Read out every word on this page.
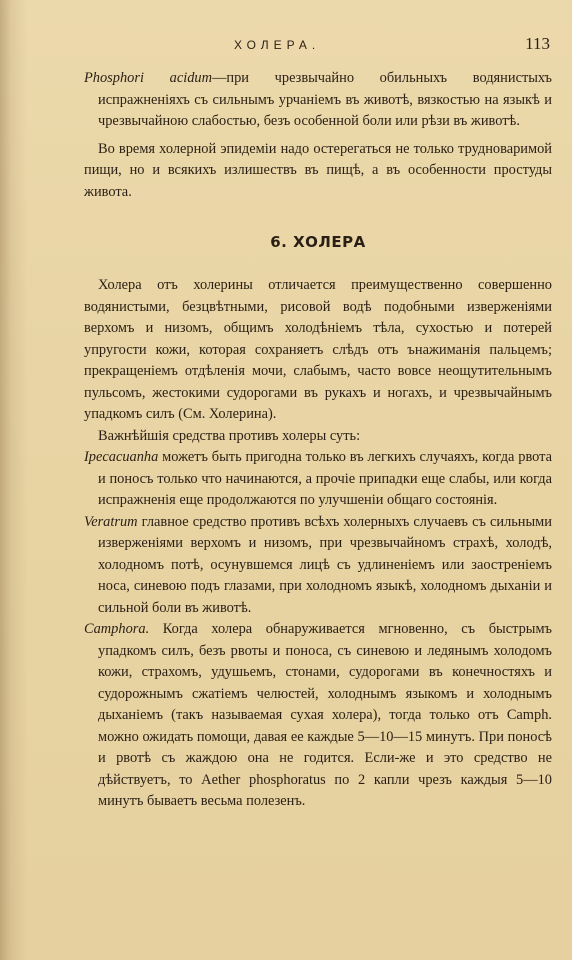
ХОЛЕРА.	113

Phosphori acidum—при чрезвычайно обильныхъ водянистыхъ испражненіяхъ съ сильнымъ урчаніемъ въ животѣ, вязкостью на языкѣ и чрезвычайною слабостью, безъ особенной боли или рѣзи въ животѣ.

Во время холерной эпидеміи надо остерегаться не только трудноваримой пищи, но и всякихъ излишествъ въ пищѣ, а въ особенности простуды живота.

6. ХОЛЕРА

Холера отъ холерины отличается преимущественно совершенно водянистыми, безцвѣтными, рисовой водѣ подобными изверженіями верхомъ и низомъ, общимъ холодѣніемъ тѣла, сухостью и потерей упругости кожи, которая сохраняетъ слѣдъ отъ ънажиманія пальцемъ; прекращеніемъ отдѣленія мочи, слабымъ, часто вовсе неощутительнымъ пульсомъ, жестокими судорогами въ рукахъ и ногахъ, и чрезвычайнымъ упадкомъ силъ (См. Холерина).

Важнѣйшія средства противъ холеры суть:

Ipecacuanha можетъ быть пригодна только въ легкихъ случаяхъ, когда рвота и поносъ только что начинаются, а прочіе припадки еще слабы, или когда испражненія еще продолжаются по улучшеніи общаго состоянія.

Veratrum главное средство противъ всѣхъ холерныхъ случаевъ съ сильными изверженіями верхомъ и низомъ, при чрезвычайномъ страхѣ, холодѣ, холодномъ потѣ, осунувшемся лицѣ съ удлиненіемъ или заостреніемъ носа, синевою подъ глазами, при холодномъ языкѣ, холодномъ дыханіи и сильной боли въ животѣ.

Camphora. Когда холера обнаруживается мгновенно, съ быстрымъ упадкомъ силъ, безъ рвоты и поноса, съ синевою и ледянымъ холодомъ кожи, страхомъ, удушьемъ, стонами, судорогами въ конечностяхъ и судорожнымъ сжатіемъ челюстей, холоднымъ языкомъ и холоднымъ дыханіемъ (такъ называемая сухая холера), тогда только отъ Camph. можно ожидать помощи, давая ее каждые 5—10—15 минутъ. При поносѣ и рвотѣ съ жаждою она не годится. Если-же и это средство не дѣйствуетъ, то Aether phosphoratus по 2 капли чрезъ каждыя 5—10 минутъ бываетъ весьма полезенъ.
